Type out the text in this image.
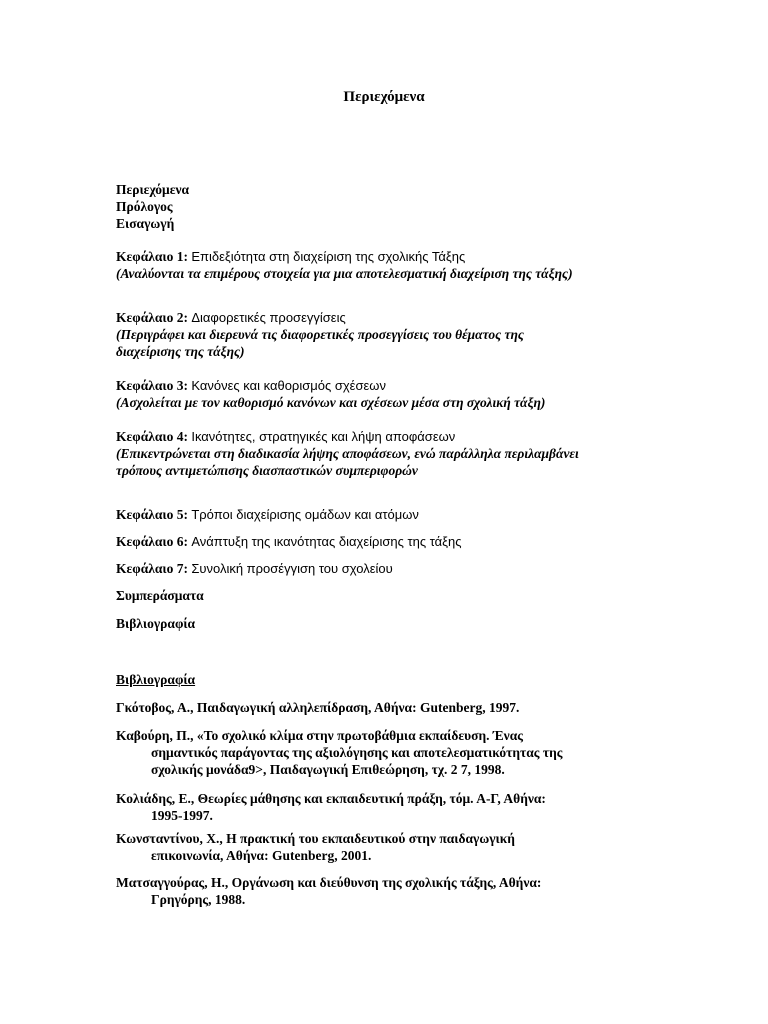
Περιεχόμενα
Περιεχόμενα
Πρόλογος
Εισαγωγή
Κεφάλαιο 1: Επιδεξιότητα στη διαχείριση της σχολικής Τάξης
(Αναλύονται τα επιμέρους στοιχεία για μια αποτελεσματική διαχείριση της τάξης)
Κεφάλαιο 2: Διαφορετικές προσεγγίσεις
(Περιγράφει και διερευνά τις διαφορετικές προσεγγίσεις του θέματος της
διαχείρισης της τάξης)
Κεφάλαιο 3: Κανόνες και καθορισμός σχέσεων
(Ασχολείται με τον καθορισμό κανόνων και σχέσεων μέσα στη σχολική τάξη)
Κεφάλαιο 4: Ικανότητες, στρατηγικές και λήψη αποφάσεων
(Επικεντρώνεται στη διαδικασία λήψης αποφάσεων, ενώ παράλληλα περιλαμβάνει
τρόπους αντιμετώπισης διασπαστικών συμπεριφορών
Κεφάλαιο 5: Τρόποι διαχείρισης ομάδων και ατόμων
Κεφάλαιο 6: Ανάπτυξη της ικανότητας διαχείρισης της τάξης
Κεφάλαιο 7: Συνολική προσέγγιση του σχολείου
Συμπεράσματα
Βιβλιογραφία
Βιβλιογραφία
Γκότοβος, Α., Παιδαγωγική αλληλεπίδραση, Αθήνα: Gutenberg, 1997.
Καβούρη, Π., «Το σχολικό κλίμα στην πρωτοβάθμια εκπαίδευση. Ένας
σημαντικός παράγοντας της αξιολόγησης και αποτελεσματικότητας της
σχολικής μονάδα9>, Παιδαγωγική Επιθεώρηση, τχ. 2 7, 1998.
Κολιάδης, Ε., Θεωρίες μάθησης και εκπαιδευτική πράξη, τόμ. Α-Γ, Αθήνα:
1995-1997.
Κωνσταντίνου, Χ., Η πρακτική του εκπαιδευτικού στην παιδαγωγική
επικοινωνία, Αθήνα: Gutenberg, 2001.
Ματσαγγούρας, Η., Οργάνωση και διεύθυνση της σχολικής τάξης, Αθήνα:
Γρηγόρης, 1988.
